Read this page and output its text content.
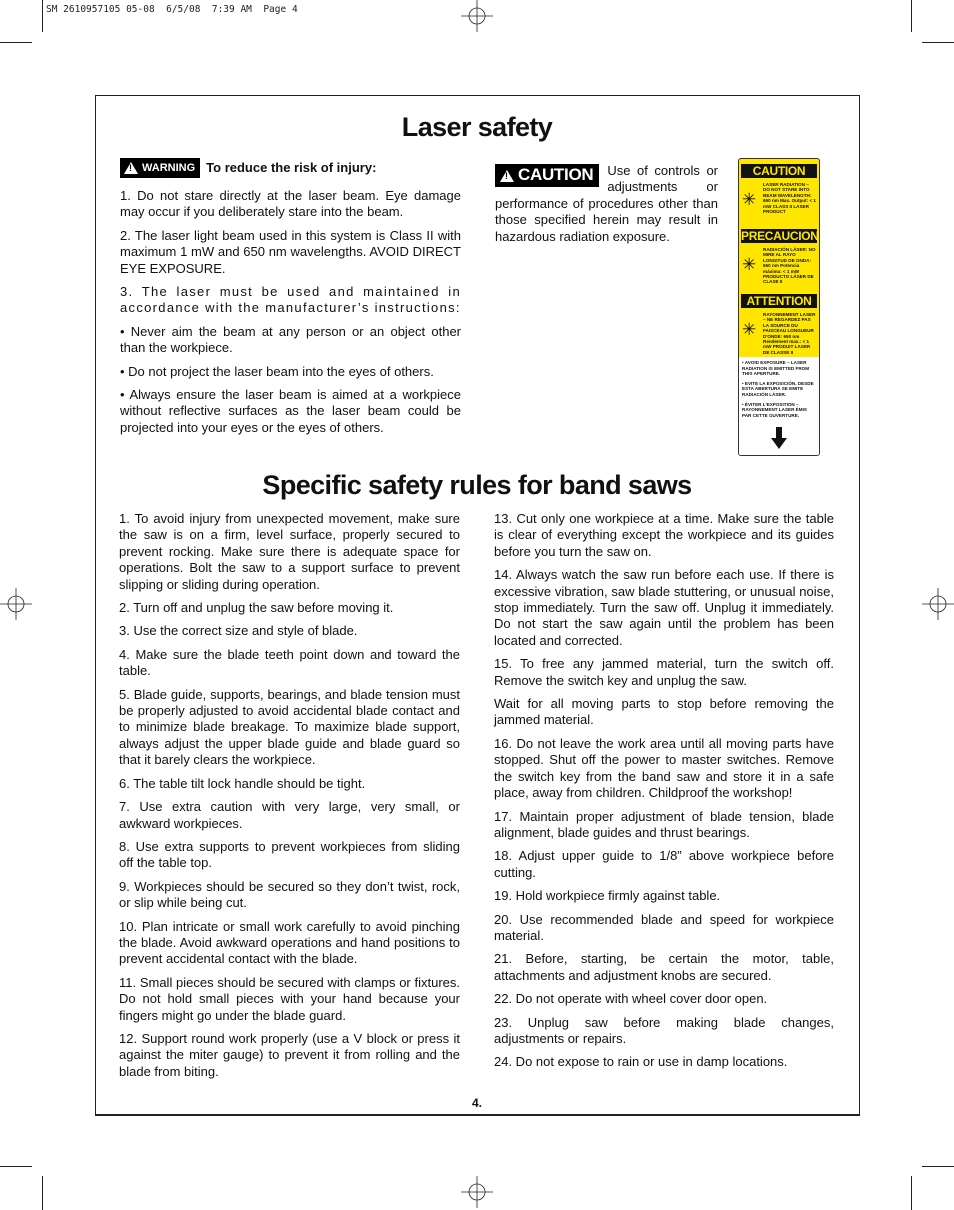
SM 2610957105 05-08  6/5/08  7:39 AM  Page 4
Laser safety
!
WARNING To reduce the risk of injury:

1. Do not stare directly at the laser beam. Eye damage may occur if you deliberately stare into the beam.

2. The laser light beam used in this system is Class II with maximum 1 mW and 650 nm wavelengths. AVOID DIRECT EYE EXPOSURE.

3. The laser must be used and maintained in accordance with the manufacturer’s instructions:

• Never aim the beam at any person or an object other than the workpiece.

• Do not project the laser beam into the eyes of others.

• Always ensure the laser beam is aimed at a workpiece without reflective surfaces as the laser beam could be projected into your eyes or the eyes of others.

!
CAUTION Use of controls or adjustments or performance of procedures other than those specified herein may result in hazardous radiation exposure.
CAUTION
✳
LASER RADIATION – DO NOT STARE INTO BEAM WAVELENGTH: 650 nm Max. Output: < 1 mW CLASS II LASER PRODUCT
PRECAUCION
✳
RADIACIÓN LÁSER: NO MIRE AL RAYO LONGITUD DE ONDA: 650 nm Potencia máxima: < 1 mW PRODUCTO LÁSER DE CLASE II
ATTENTION
✳
RAYONNEMENT LASER – NE REGARDEZ PAS LA SOURCE DU FAISCEAU LONGUEUR D'ONDE: 650 nm Rendement max.: < 1 mW PRODUIT LASER DE CLASSE II
• AVOID EXPOSURE – LASER RADIATION IS EMITTED FROM THIS APERTURE.
• EVITE LA EXPOSICIÓN. DESDE ESTA ABERTURA SE EMITE RADIACIÓN LÁSER.
• ÉVITER L'EXPOSITION – RAYONNEMENT LASER ÉMIS PAR CETTE OUVERTURE.
Specific safety rules for band saws

1. To avoid injury from unexpected movement, make sure the saw is on a firm, level surface, properly secured to prevent rocking. Make sure there is adequate space for operations. Bolt the saw to a support surface to prevent slipping or sliding during operation.

2. Turn off and unplug the saw before moving it.

3. Use the correct size and style of blade.

4. Make sure the blade teeth point down and toward the table.

5. Blade guide, supports, bearings, and blade tension must be properly adjusted to avoid accidental blade contact and to minimize blade breakage. To maximize blade support, always adjust the upper blade guide and blade guard so that it barely clears the workpiece.

6. The table tilt lock handle should be tight.

7. Use extra caution with very large, very small, or awkward workpieces.

8. Use extra supports to prevent workpieces from sliding off the table top.

9. Workpieces should be secured so they don’t twist, rock, or slip while being cut.

10. Plan intricate or small work carefully to avoid pinching the blade. Avoid awkward operations and hand positions to prevent accidental contact with the blade.

11. Small pieces should be secured with clamps or fixtures. Do not hold small pieces with your hand because your fingers might go under the blade guard.

12. Support round work properly (use a V block or press it against the miter gauge) to prevent it from rolling and the blade from biting.

13. Cut only one workpiece at a time. Make sure the table is clear of everything except the workpiece and its guides before you turn the saw on.

14. Always watch the saw run before each use. If there is excessive vibration, saw blade stuttering, or unusual noise, stop immediately. Turn the saw off. Unplug it immediately. Do not start the saw again until the problem has been located and corrected.

15. To free any jammed material, turn the switch off. Remove the switch key and unplug the saw.

Wait for all moving parts to stop before removing the jammed material.

16. Do not leave the work area until all moving parts have stopped. Shut off the power to master switches. Remove the switch key from the band saw and store it in a safe place, away from children. Childproof the workshop!

17. Maintain proper adjustment of blade tension, blade alignment, blade guides and thrust bearings.

18. Adjust upper guide to 1/8” above workpiece before cutting.

19. Hold workpiece firmly against table.

20. Use recommended blade and speed for workpiece material.

21. Before, starting, be certain the motor, table, attachments and adjustment knobs are secured.

22. Do not operate with wheel cover door open.

23. Unplug saw before making blade changes, adjustments or repairs.

24. Do not expose to rain or use in damp locations.

4.
